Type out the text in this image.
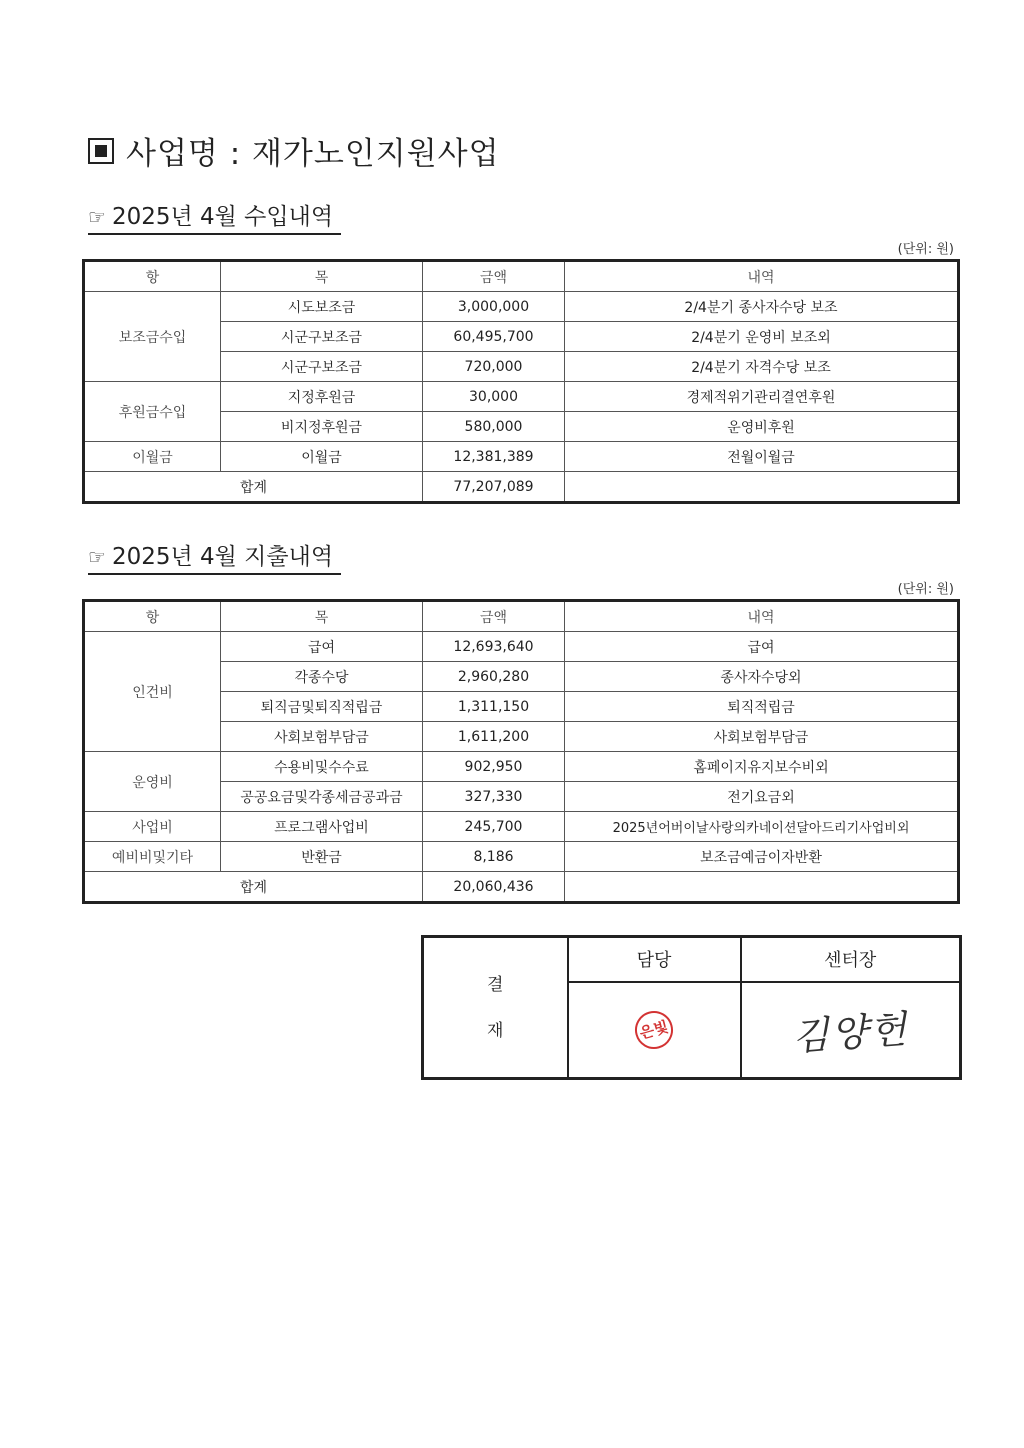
사업명 : 재가노인지원사업
☞ 2025년 4월 수입내역
(단위: 원)
항	목	금액	내역
보조금수입	시도보조금	3,000,000	2/4분기 종사자수당 보조
	시군구보조금	60,495,700	2/4분기 운영비 보조외
	시군구보조금	720,000	2/4분기 자격수당 보조
후원금수입	지정후원금	30,000	경제적위기관리결연후원
	비지정후원금	580,000	운영비후원
이월금	이월금	12,381,389	전월이월금
합계		77,207,089	
☞ 2025년 4월 지출내역
(단위: 원)
항	목	금액	내역
인건비	급여	12,693,640	급여
	각종수당	2,960,280	종사자수당외
	퇴직금및퇴직적립금	1,311,150	퇴직적립금
	사회보험부담금	1,611,200	사회보험부담금
운영비	수용비및수수료	902,950	홈페이지유지보수비외
	공공요금및각종세금공과금	327,330	전기요금외
사업비	프로그램사업비	245,700	2025년어버이날사랑의카네이션달아드리기사업비외
예비비및기타	반환금	8,186	보조금예금이자반환
합계		20,060,436	
결
재	담당	센터장
	은빛	김양헌
